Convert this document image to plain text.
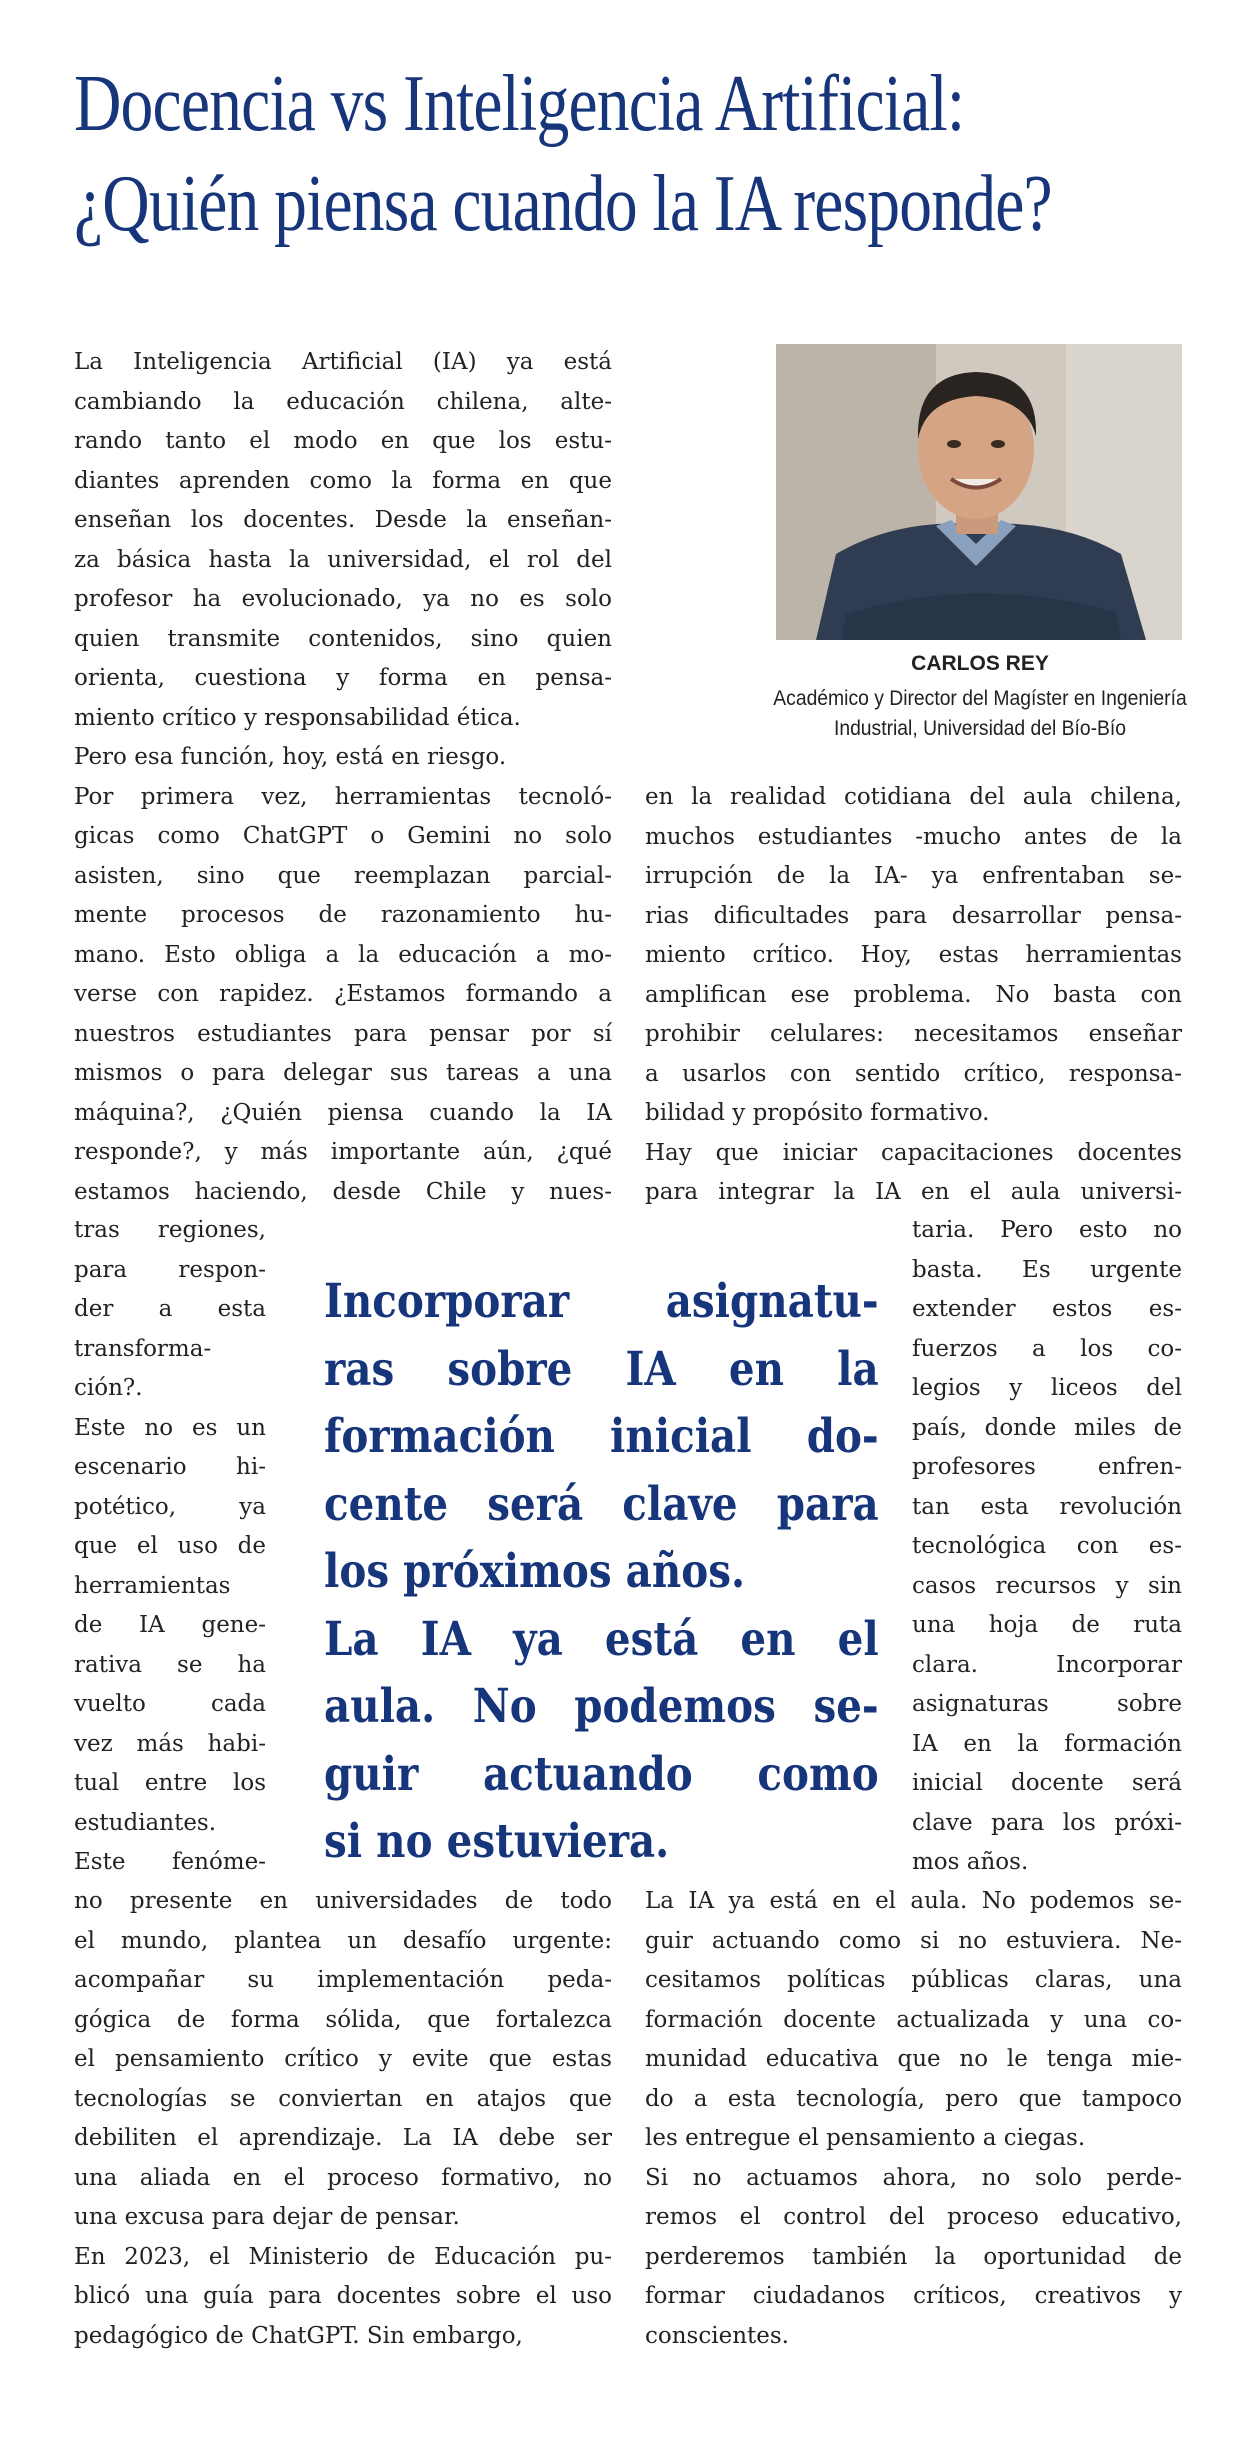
Docencia vs Inteligencia Artificial:
¿Quién piensa cuando la IA responde?
CARLOS REY
Académico y Director del Magíster en Ingeniería
Industrial, Universidad del Bío-Bío
La Inteligencia Artificial (IA) ya está
cambiando la educación chilena, alte-
rando tanto el modo en que los estu-
diantes aprenden como la forma en que
enseñan los docentes. Desde la enseñan-
za básica hasta la universidad, el rol del
profesor ha evolucionado, ya no es solo
quien transmite contenidos, sino quien
orienta, cuestiona y forma en pensa-
miento crítico y responsabilidad ética.
Pero esa función, hoy, está en riesgo.
Por primera vez, herramientas tecnoló-
gicas como ChatGPT o Gemini no solo
asisten, sino que reemplazan parcial-
mente procesos de razonamiento hu-
mano. Esto obliga a la educación a mo-
verse con rapidez. ¿Estamos formando a
nuestros estudiantes para pensar por sí
mismos o para delegar sus tareas a una
máquina?, ¿Quién piensa cuando la IA
responde?, y más importante aún, ¿qué
estamos haciendo, desde Chile y nues-
tras regiones,
para respon-
der a esta
transforma-
ción?.
Este no es un
escenario hi-
potético, ya
que el uso de
herramientas
de IA gene-
rativa se ha
vuelto cada
vez más habi-
tual entre los
estudiantes.
Este fenóme-
no presente en universidades de todo
el mundo, plantea un desafío urgente:
acompañar su implementación peda-
gógica de forma sólida, que fortalezca
el pensamiento crítico y evite que estas
tecnologías se conviertan en atajos que
debiliten el aprendizaje. La IA debe ser
una aliada en el proceso formativo, no
una excusa para dejar de pensar.
En 2023, el Ministerio de Educación pu-
blicó una guía para docentes sobre el uso
pedagógico de ChatGPT. Sin embargo,
en la realidad cotidiana del aula chilena,
muchos estudiantes -mucho antes de la
irrupción de la IA- ya enfrentaban se-
rias dificultades para desarrollar pensa-
miento crítico. Hoy, estas herramientas
amplifican ese problema. No basta con
prohibir celulares: necesitamos enseñar
a usarlos con sentido crítico, responsa-
bilidad y propósito formativo.
Hay que iniciar capacitaciones docentes
para integrar la IA en el aula universi-
taria. Pero esto no
basta. Es urgente
extender estos es-
fuerzos a los co-
legios y liceos del
país, donde miles de
profesores enfren-
tan esta revolución
tecnológica con es-
casos recursos y sin
una hoja de ruta
clara. Incorporar
asignaturas sobre
IA en la formación
inicial docente será
clave para los próxi-
mos años.
La IA ya está en el aula. No podemos se-
guir actuando como si no estuviera. Ne-
cesitamos políticas públicas claras, una
formación docente actualizada y una co-
munidad educativa que no le tenga mie-
do a esta tecnología, pero que tampoco
les entregue el pensamiento a ciegas.
Si no actuamos ahora, no solo perde-
remos el control del proceso educativo,
perderemos también la oportunidad de
formar ciudadanos críticos, creativos y
conscientes.
Incorporar asignatu-
ras sobre IA en la
formación inicial do-
cente será clave para
los próximos años.
La IA ya está en el
aula. No podemos se-
guir actuando como
si no estuviera.
